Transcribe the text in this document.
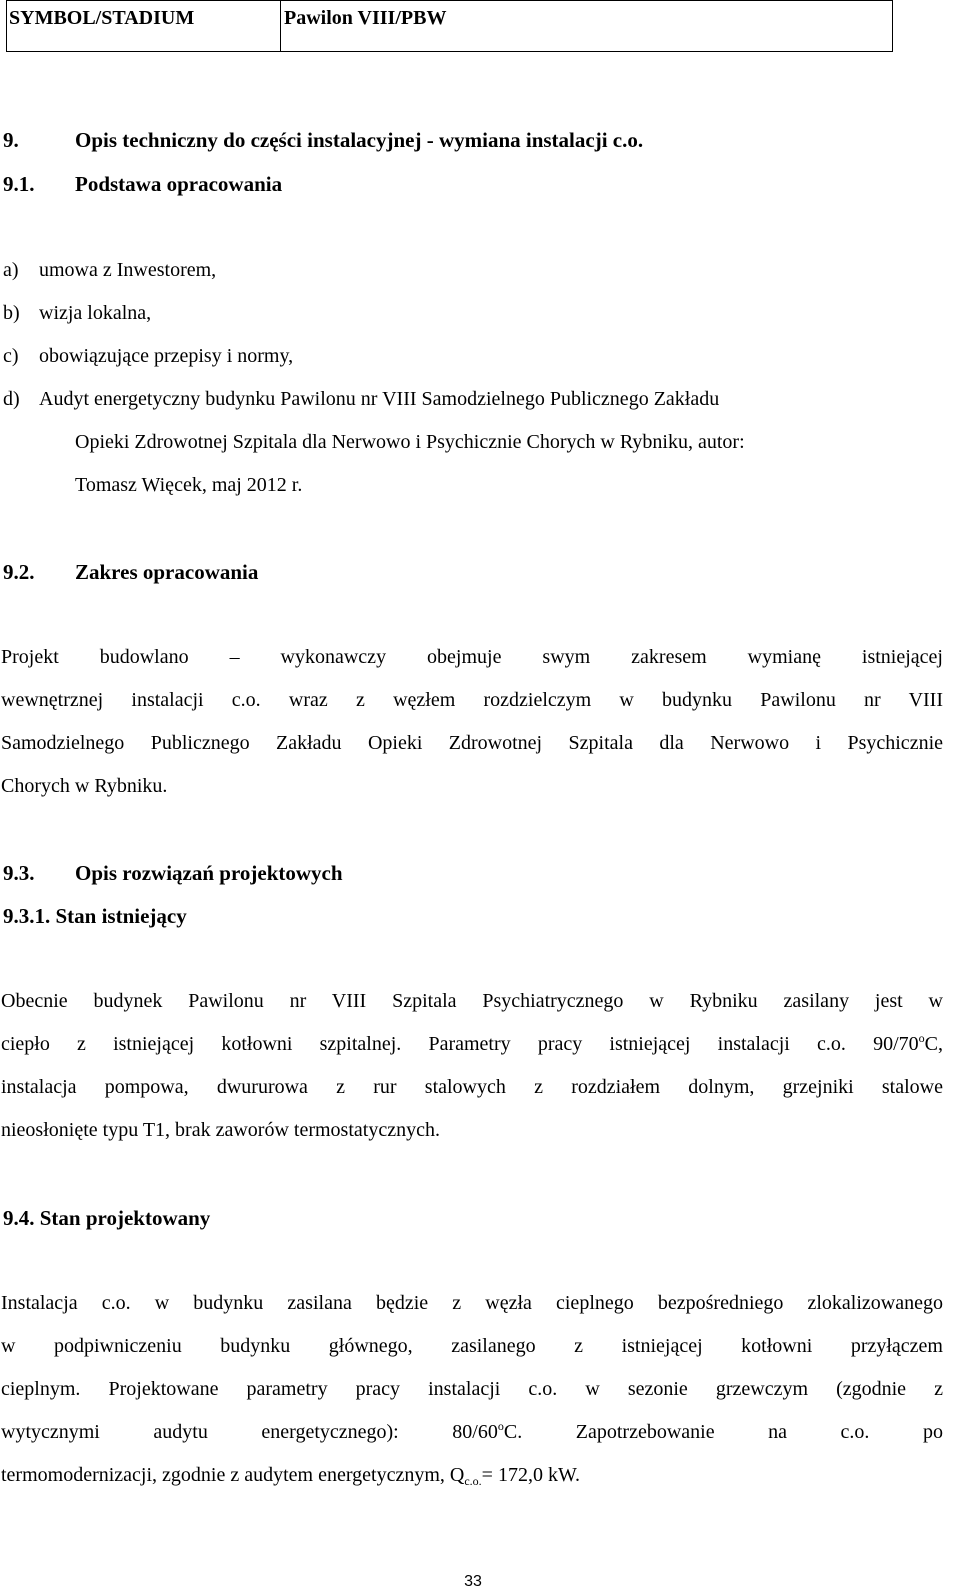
SYMBOL/STADIUM	Pawilon VIII/PBW
9.	Opis techniczny do części instalacyjnej - wymiana instalacji c.o.
9.1. Podstawa opracowania
a) umowa z Inwestorem,
b) wizja lokalna,
c) obowiązujące przepisy i normy,
d) Audyt energetyczny budynku Pawilonu nr VIII Samodzielnego Publicznego Zakładu
Opieki Zdrowotnej Szpitala dla Nerwowo i Psychicznie Chorych w Rybniku, autor:
Tomasz Więcek, maj 2012 r.
9.2. Zakres opracowania
Projekt budowlano – wykonawczy obejmuje swym zakresem wymianę istniejącej
wewnętrznej instalacji c.o. wraz z węzłem rozdzielczym w budynku Pawilonu nr VIII
Samodzielnego Publicznego Zakładu Opieki Zdrowotnej Szpitala dla Nerwowo i Psychicznie
Chorych w Rybniku.
9.3. Opis rozwiązań projektowych
9.3.1. Stan istniejący
Obecnie budynek Pawilonu nr VIII Szpitala Psychiatrycznego w Rybniku zasilany jest w
ciepło z istniejącej kotłowni szpitalnej. Parametry pracy istniejącej instalacji c.o. 90/70$^o$C,
instalacja pompowa, dwururowa z rur stalowych z rozdziałem dolnym, grzejniki stalowe
nieosłonięte typu T1, brak zaworów termostatycznych.
9.4. Stan projektowany
Instalacja c.o. w budynku zasilana będzie z węzła cieplnego bezpośredniego zlokalizowanego
w podpiwniczeniu budynku głównego, zasilanego z istniejącej kotłowni przyłączem
cieplnym. Projektowane parametry pracy instalacji c.o. w sezonie grzewczym (zgodnie z
wytycznymi audytu energetycznego): 80/60$^o$C. Zapotrzebowanie na c.o. po
termomodernizacji, zgodnie z audytem energetycznym, $Q_{c.o.}= 172,0$ kW.
33
